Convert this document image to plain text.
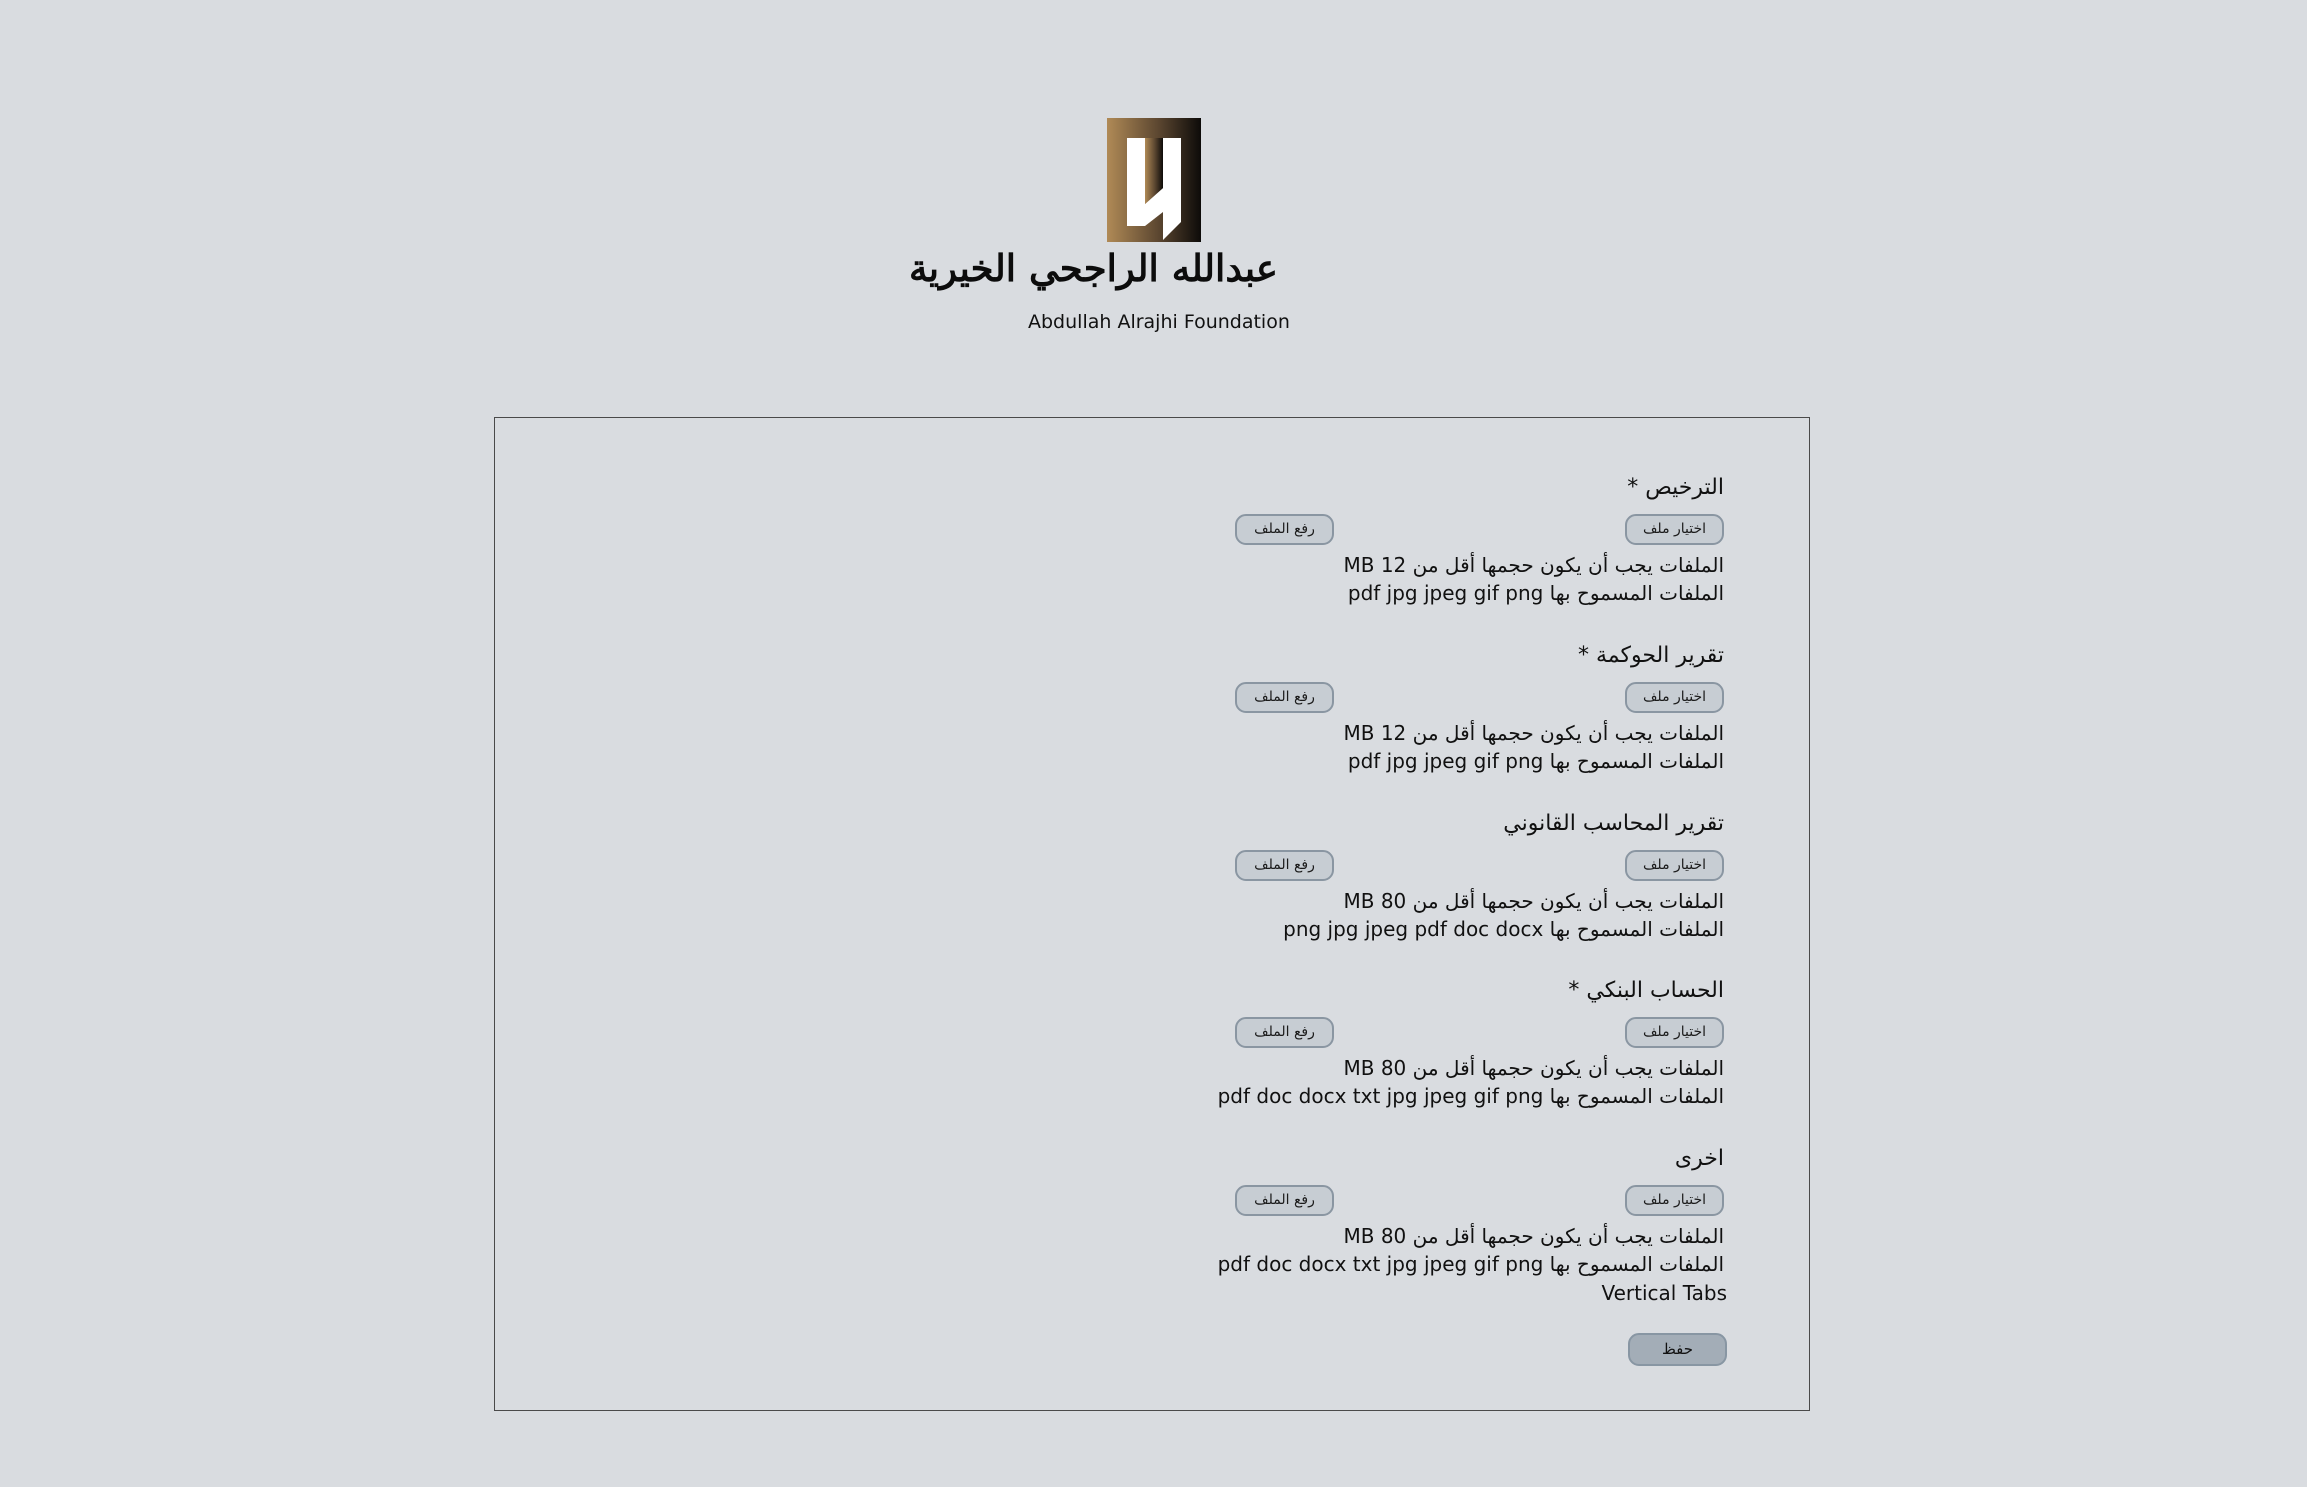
عبدالله الراجحي الخيرية
Abdullah Alrajhi Foundation
الترخيص *
اختيار ملف
رفع الملف
الملفات يجب أن يكون حجمها أقل من 12 MB
الملفات المسموح بها pdf jpg jpeg gif png
تقرير الحوكمة *
اختيار ملف
رفع الملف
الملفات يجب أن يكون حجمها أقل من 12 MB
الملفات المسموح بها pdf jpg jpeg gif png
تقرير المحاسب القانوني
اختيار ملف
رفع الملف
الملفات يجب أن يكون حجمها أقل من 80 MB
الملفات المسموح بها png jpg jpeg pdf doc docx
الحساب البنكي *
اختيار ملف
رفع الملف
الملفات يجب أن يكون حجمها أقل من 80 MB
الملفات المسموح بها pdf doc docx txt jpg jpeg gif png
اخرى
اختيار ملف
رفع الملف
الملفات يجب أن يكون حجمها أقل من 80 MB
الملفات المسموح بها pdf doc docx txt jpg jpeg gif png
Vertical Tabs
حفظ
